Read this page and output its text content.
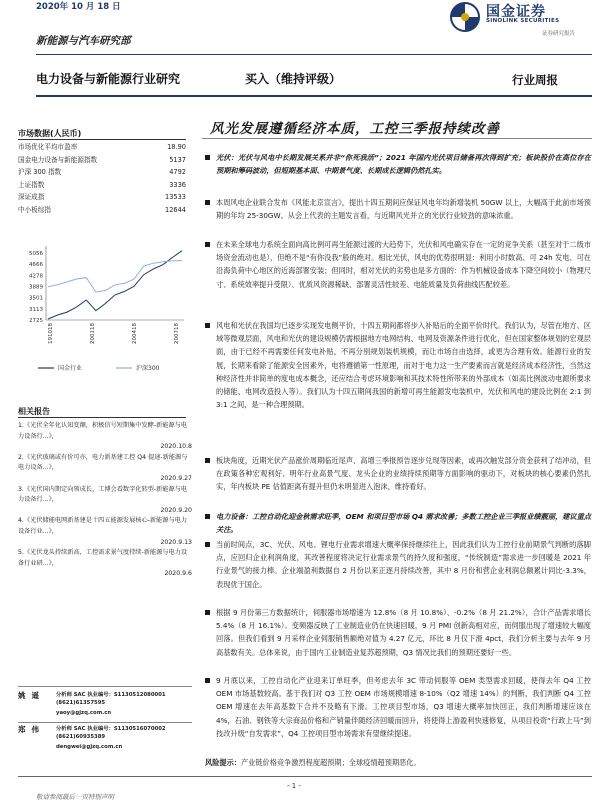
2020年 10 月 18 日	国金证券
SINOLINK SECURITIES
证券研究报告
新能源与汽车研究部
电力设备与新能源行业研究	买入（维持评级）	行业周报
市场数据(人民币)
市场优化平均市盈率	18.90
国金电力设备与新能源指数	5137
沪深 300 指数	4792
上证指数	3336
深证成指	13533
中小板综指	12644
2725
3113
3501
3889
4278
4666
5056
191018	200118	200418	200718
国金行业	沪深300
相关报告
1.《光伏全年化认知变颠，积极信号短期集中发酵-新能源与电力设备行...》，
2020.10.8
2.《光伏玻璃或有价可亦，电力新基建工控 Q4 提速-新能源与电力设备...》，
2020.9.27
3.《光伏国内期定向领成长，工博会看数字化转型-新能源与电力设备行...》，
2020.9.20
4.《光伏储能电网新基建是十四五能源发展核心-新能源与电力设备行业...》，
2020.9.13
5.《光伏龙头持续新高，工控需求景气度持续-新能源与电力设备行业研...》，
2020.9.6
姚遥 分析师 SAC 执业编号：S1130512080001
(8621)61357595
yaoy@gjzq.com.cn
郑伟 分析师 SAC 执业编号：S1130516070002
(8621)60935389
dengwei@gjzq.com.cn
风光发展遵循经济本质，工控三季报持续改善
光伏：光伏与风电中长期发展关系并非“你死我活”；2021 年国内光伏项目储备再次得到扩充；板块股价在高位存在预期和筹码波动，但短期基本面、中期景气度、长期成长逻辑仍然扎实。
本周风电企业联合发布《风能北京宣言》，提出十四五期间应保证风电年均新增装机 50GW 以上，大幅高于此前市场预期的年均 25-30GW。从会上代表的主题发言看，与近期风光并立的光伏行业较劲的意味浓重。
在未来全球电力系统全面向高比例可再生能源过渡的大趋势下，光伏和风电确实存在一定的竞争关系（甚至对于二级市场资金流动也是），但绝不是“有你没我”般的绝对。相比光伏，风电的优势很明显：利用小时数高、可 24h 发电、可在沿海负荷中心地区的近海部署安装；但同时，相对光伏的劣势也是多方面的：作为机械设备成本下降空间较小（物理尺寸、系统效率提升受限）、优质风资源稀缺、部署灵活性较差、电能质量及负荷曲线匹配较差。
风电和光伏在我国均已逐步实现发电侧平价，十四五期间都将步入补贴后的全面平价时代。我们认为，尽管在地方、区域等微观层面，风电和光伏的建设规模仍需根据地方电网结构、电网及资源条件进行优化，但在国家整体规划的宏观层面，由于已经不再需要任何发电补贴，不再分别规划装机规模，而让市场自由选择，或更为合理有效。能源行业的发展，长期来看除了能源安全因素外，电将遵循第一性原理，而对于电力这一生产要素而言就是经济成本经济性，当然这种经济性并非简单的度电成本概念，还应结合考虑环境影响和其技术特性所带来的外部成本（如高比例波动电源所要求的储能、电网改造投入等）。我们认为十四五期间我国的新增可再生能源发电装机中，光伏和风电的建设比例在 2:1 到 3:1 之间，是一种合理预期。
板块角度，近期光伏产品涨价周期临近尾声、高增三季报预告逐步兑现等因素，或再次触发部分资金获利了结冲动，但在政策各种宏观利好、明年行业高景气度、龙头企业的业绩持续预期等方面影响的驱动下，对板块的核心要素仍然扎实，年内板块 PE 估值距离有提升但仍未明显进入泡沫，维持看好。
电力设备：工控自动化迎金秋需求旺季，OEM 和项目型市场 Q4 需求改善；多数工控企业三季报业绩靓丽，建议重点关注。
当前时间点，3C、光伏、风电、锂电行业需求增速大概率保持继续往上，因此我们认为工控行业前期景气判断的落脚点，应回归企业利润角度，其改善程度将决定行业需求景气的持久度和强度，“传统制造”需求进一步回暖是 2021 年行业景气的接力棒。企业端盈利数据自 2 月份以来正逐月持续改善，其中 8 月份和营企业利润总额累计同比-3.3%，表现优于国企。
根据 9 月份第三方数据统计，伺服器市场增速为 12.8%（8 月 10.8%）、-0.2%（8 月 21.2%），合计产品需求增长 5.4%（8 月 16.1%）。变频器反映了工业制造业仍在快速回暖，9 月 PMI 创新高相对应，而伺服出现了增速较大幅度回落。但我们看到 9 月采样企业伺服销售额绝对值为 4.27 亿元，环比 8 月仅下滑 4pct，我们分析主要与去年 9 月高基数有关。总体来说，由于国内工业制造业复苏超预期，Q3 情况比我们的预期还要好一些。
9 月底以来，工控自动化产业迎来订单旺季，但考虑去年 3C 带动伺服等 OEM 类型需求回暖，使得去年 Q4 工控 OEM 市场基数较高。基于我们对 Q3 工控 OEM 市场规模增速 8-10%（Q2 增速 14%）的判断，我们判断 Q4 工控 OEM 增速在去年高基数下合并不及略有下滑。工控项目型市场，Q3 增速大概率加快回正，我们判断增速应该在 4%，石油、钢铁等大宗商品价格和产销量伴随经济回暖而回升，将使得上游盈利快速修复，从项目投资“行政上马”到技改升级“自发需求”，Q4 工控项目型市场需求有望继续提速。
风险提示：产业链价格竞争激烈程度超预期；全球疫情超预期恶化。
- 1 -
敬请参阅最后一页特别声明
